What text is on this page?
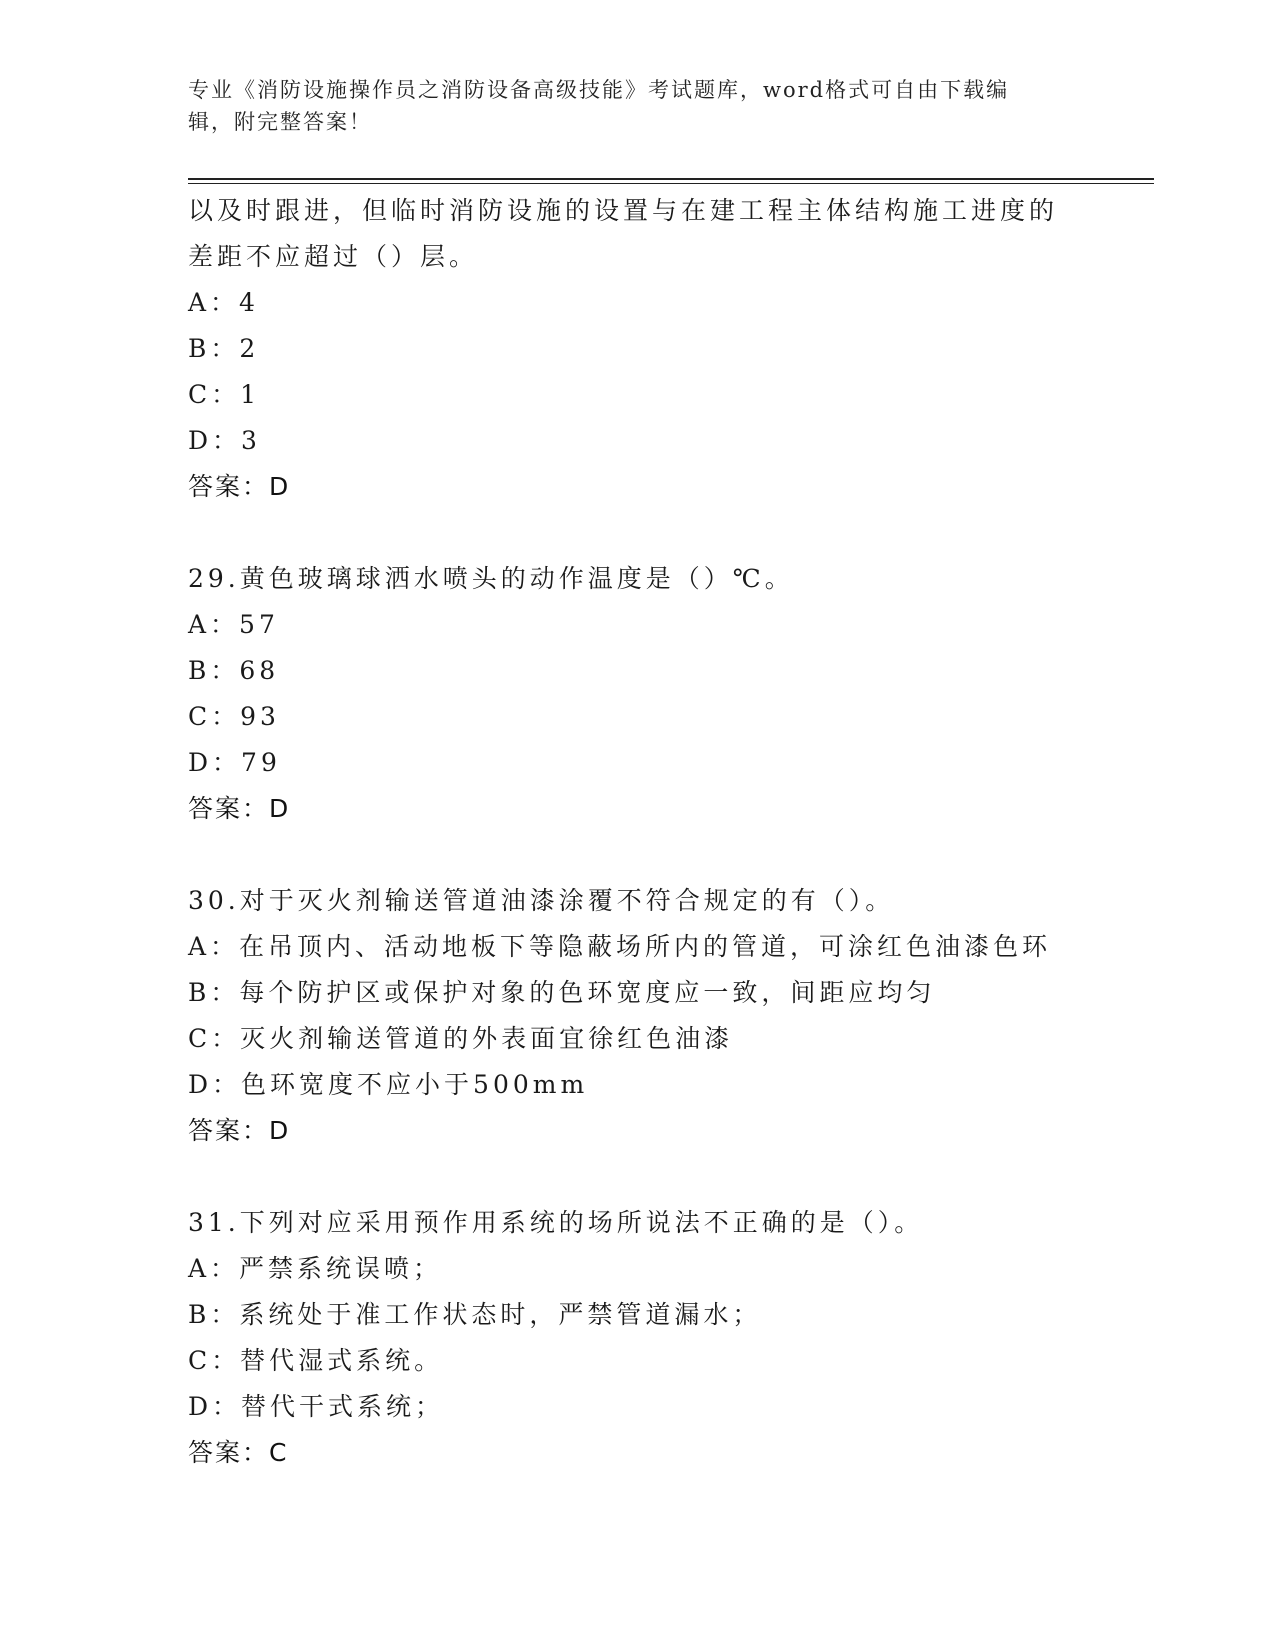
专业《消防设施操作员之消防设备高级技能》考试题库，word格式可自由下载编
辑，附完整答案！
以及时跟进，但临时消防设施的设置与在建工程主体结构施工进度的
差距不应超过（）层。
A：4
B：2
C：1
D：3
答案：D
29.黄色玻璃球洒水喷头的动作温度是（）℃。
A：57
B：68
C：93
D：79
答案：D
30.对于灭火剂输送管道油漆涂覆不符合规定的有（）。
A：在吊顶内、活动地板下等隐蔽场所内的管道，可涂红色油漆色环
B：每个防护区或保护对象的色环宽度应一致，间距应均匀
C：灭火剂输送管道的外表面宜徐红色油漆
D：色环宽度不应小于500mm
答案：D
31.下列对应采用预作用系统的场所说法不正确的是（）。
A：严禁系统误喷；
B：系统处于准工作状态时，严禁管道漏水；
C：替代湿式系统。
D：替代干式系统；
答案：C
